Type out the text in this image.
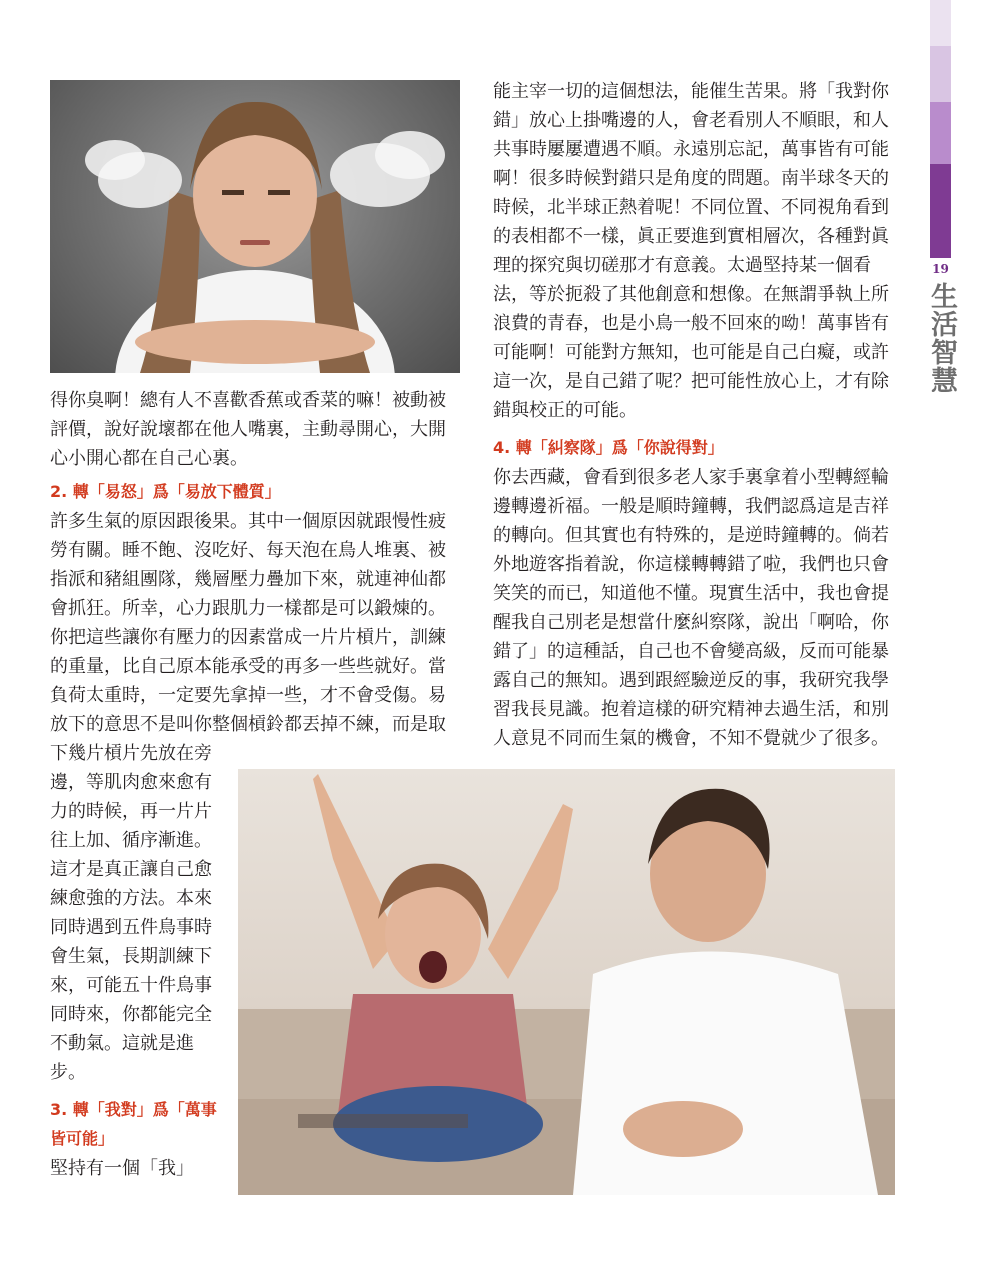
19
生活智慧
得你臭啊！總有人不喜歡香蕉或香菜的嘛！被動被
評價，說好說壞都在他人嘴裏，主動尋開心，大開
心小開心都在自己心裏。
2. 轉「易怒」爲「易放下體質」
許多生氣的原因跟後果。其中一個原因就跟慢性疲
勞有關。睡不飽、沒吃好、每天泡在鳥人堆裏、被
指派和豬組團隊，幾層壓力疊加下來，就連神仙都
會抓狂。所幸，心力跟肌力一樣都是可以鍛煉的。
你把這些讓你有壓力的因素當成一片片槓片，訓練
的重量，比自己原本能承受的再多一些些就好。當
負荷太重時，一定要先拿掉一些，才不會受傷。易
放下的意思不是叫你整個槓鈴都丟掉不練，而是取
下幾片槓片先放在旁
邊，等肌肉愈來愈有
力的時候，再一片片
往上加、循序漸進。
這才是真正讓自己愈
練愈強的方法。本來
同時遇到五件鳥事時
會生氣，長期訓練下
來，可能五十件鳥事
同時來，你都能完全
不動氣。這就是進
步。
3. 轉「我對」爲「萬事
皆可能」
堅持有一個「我」
能主宰一切的這個想法，能催生苦果。將「我對你
錯」放心上掛嘴邊的人，會老看別人不順眼，和人
共事時屢屢遭遇不順。永遠別忘記，萬事皆有可能
啊！很多時候對錯只是角度的問題。南半球冬天的
時候，北半球正熱着呢！不同位置、不同視角看到
的表相都不一樣，眞正要進到實相層次，各種對眞
理的探究與切磋那才有意義。太過堅持某一個看
法，等於扼殺了其他創意和想像。在無謂爭執上所
浪費的青春，也是小鳥一般不回來的呦！萬事皆有
可能啊！可能對方無知，也可能是自己白癡，或許
這一次，是自己錯了呢？把可能性放心上，才有除
錯與校正的可能。
4. 轉「糾察隊」爲「你說得對」
你去西藏，會看到很多老人家手裏拿着小型轉經輪
邊轉邊祈福。一般是順時鐘轉，我們認爲這是吉祥
的轉向。但其實也有特殊的，是逆時鐘轉的。倘若
外地遊客指着說，你這樣轉轉錯了啦，我們也只會
笑笑的而已，知道他不懂。現實生活中，我也會提
醒我自己別老是想當什麼糾察隊，說出「啊哈，你
錯了」的這種話，自己也不會變高級，反而可能暴
露自己的無知。遇到跟經驗逆反的事，我研究我學
習我長見識。抱着這樣的研究精神去過生活，和別
人意見不同而生氣的機會，不知不覺就少了很多。
